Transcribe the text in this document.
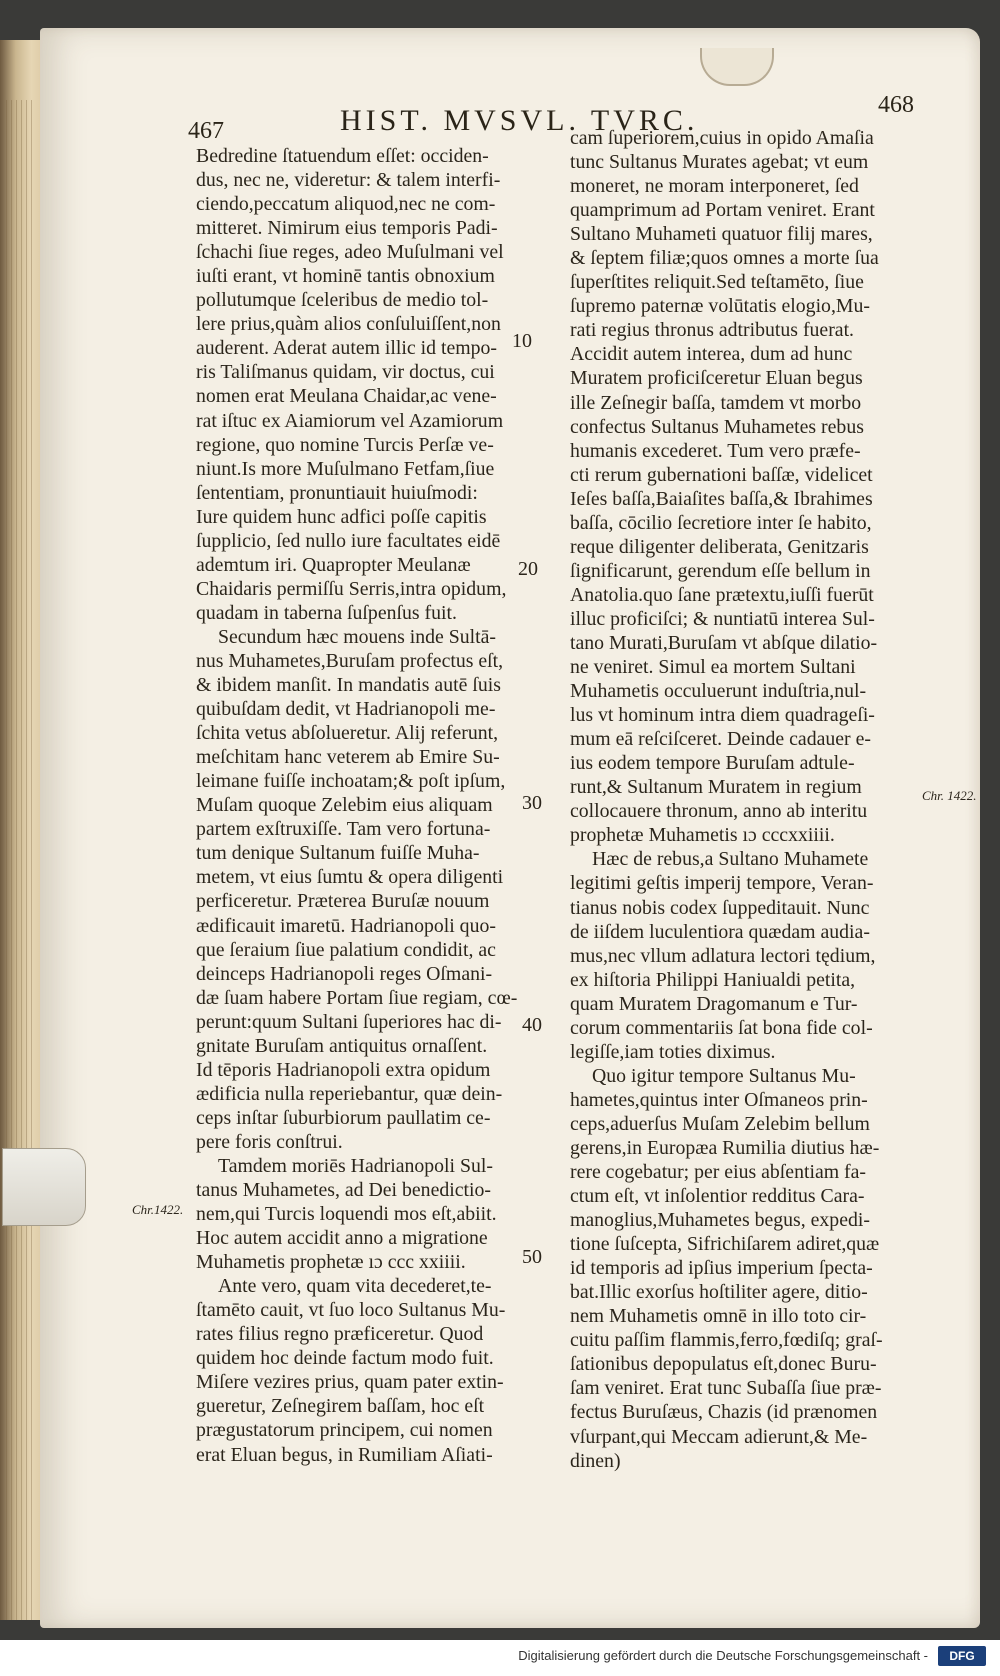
467	HIST. MVSVL. TVRC.	468
Bedredine ſtatuendum eſſet: occiden-
dus, nec ne, videretur: & talem interfi-
ciendo,peccatum aliquod,nec ne com-
mitteret. Nimirum eius temporis Padi-
ſchachi ſiue reges, adeo Muſulmani vel
iuſti erant, vt hominē tantis obnoxium
pollutumque ſceleribus de medio tol-
lere prius,quàm alios conſuluiſſent,non
auderent. Aderat autem illic id tempo-
ris Taliſmanus quidam, vir doctus, cui
nomen erat Meulana Chaidar,ac vene-
rat iſtuc ex Aiamiorum vel Azamiorum
regione, quo nomine Turcis Perſæ ve-
niunt.Is more Muſulmano Fetfam,ſiue
ſententiam, pronuntiauit huiuſmodi:
Iure quidem hunc adfici poſſe capitis
ſupplicio, ſed nullo iure facultates eidē
ademtum iri. Quapropter Meulanæ
Chaidaris permiſſu Serris,intra opidum,
quadam in taberna ſuſpenſus fuit.
Secundum hæc mouens inde Sultā-
nus Muhametes,Buruſam profectus eſt,
& ibidem manſit. In mandatis autē ſuis
quibuſdam dedit, vt Hadrianopoli me-
ſchita vetus abſolueretur. Alij referunt,
meſchitam hanc veterem ab Emire Su-
leimane fuiſſe inchoatam;& poſt ipſum,
Muſam quoque Zelebim eius aliquam
partem exſtruxiſſe. Tam vero fortuna-
tum denique Sultanum fuiſſe Muha-
metem, vt eius ſumtu & opera diligenti
perficeretur. Præterea Buruſæ nouum
ædificauit imaretū. Hadrianopoli quo-
que ſeraium ſiue palatium condidit, ac
deinceps Hadrianopoli reges Oſmani-
dæ ſuam habere Portam ſiue regiam, cœ-
perunt:quum Sultani ſuperiores hac di-
gnitate Buruſam antiquitus ornaſſent.
Id tēporis Hadrianopoli extra opidum
ædificia nulla reperiebantur, quæ dein-
ceps inſtar ſuburbiorum paullatim ce-
pere foris conſtrui.
Tamdem moriēs Hadrianopoli Sul-
tanus Muhametes, ad Dei benedictio-
nem,qui Turcis loquendi mos eſt,abiit.
Hoc autem accidit anno a migratione
Muhametis prophetæ ıɔ ccc xxiiii.
Ante vero, quam vita decederet,te-
ſtamēto cauit, vt ſuo loco Sultanus Mu-
rates filius regno præficeretur. Quod
quidem hoc deinde factum modo fuit.
Miſere vezires prius, quam pater extin-
gueretur, Zeſnegirem baſſam, hoc eſt
prægustatorum principem, cui nomen
erat Eluan begus, in Rumiliam Aſiati-
cam ſuperiorem,cuius in opido Amaſia
tunc Sultanus Murates agebat; vt eum
moneret, ne moram interponeret, ſed
quamprimum ad Portam veniret. Erant
Sultano Muhameti quatuor filij mares,
& ſeptem filiæ;quos omnes a morte ſua
ſuperſtites reliquit.Sed teſtamēto, ſiue
ſupremo paternæ volūtatis elogio,Mu-
rati regius thronus adtributus fuerat.
Accidit autem interea, dum ad hunc
Muratem proficiſceretur Eluan begus
ille Zeſnegir baſſa, tamdem vt morbo
confectus Sultanus Muhametes rebus
humanis excederet. Tum vero præfe-
cti rerum gubernationi baſſæ, videlicet
Ieſes baſſa,Baiaſites baſſa,& Ibrahimes
baſſa, cōcilio ſecretiore inter ſe habito,
reque diligenter deliberata, Genitzaris
ſignificarunt, gerendum eſſe bellum in
Anatolia.quo ſane prætextu,iuſſi fuerūt
illuc proficiſci; & nuntiatū interea Sul-
tano Murati,Buruſam vt abſque dilatio-
ne veniret. Simul ea mortem Sultani
Muhametis occuluerunt induſtria,nul-
lus vt hominum intra diem quadrageſi-
mum eā reſciſceret. Deinde cadauer e-
ius eodem tempore Buruſam adtule-
runt,& Sultanum Muratem in regium
collocauere thronum, anno ab interitu
prophetæ Muhametis ıɔ cccxxiiii.
Hæc de rebus,a Sultano Muhamete
legitimi geſtis imperij tempore, Veran-
tianus nobis codex ſuppeditauit. Nunc
de iiſdem luculentiora quædam audia-
mus,nec vllum adlatura lectori tędium,
ex hiſtoria Philippi Haniualdi petita,
quam Muratem Dragomanum e Tur-
corum commentariis ſat bona fide col-
legiſſe,iam toties diximus.
Quo igitur tempore Sultanus Mu-
hametes,quintus inter Oſmaneos prin-
ceps,aduerſus Muſam Zelebim bellum
gerens,in Europæa Rumilia diutius hæ-
rere cogebatur; per eius abſentiam fa-
ctum eſt, vt inſolentior redditus Cara-
manoglius,Muhametes begus, expedi-
tione ſuſcepta, Sifrichiſarem adiret,quæ
id temporis ad ipſius imperium ſpecta-
bat.Illic exorſus hoſtiliter agere, ditio-
nem Muhametis omnē in illo toto cir-
cuitu paſſim flammis,ferro,fœdiſq; graſ-
ſationibus depopulatus eſt,donec Buru-
ſam veniret. Erat tunc Subaſſa ſiue præ-
fectus Buruſæus, Chazis (id prænomen
vſurpant,qui Meccam adierunt,& Me-
dinen)
10
20
30
40
50
Chr.1422.
Chr. 1422.
Digitalisierung gefördert durch die Deutsche Forschungsgemeinschaft -	DFG
